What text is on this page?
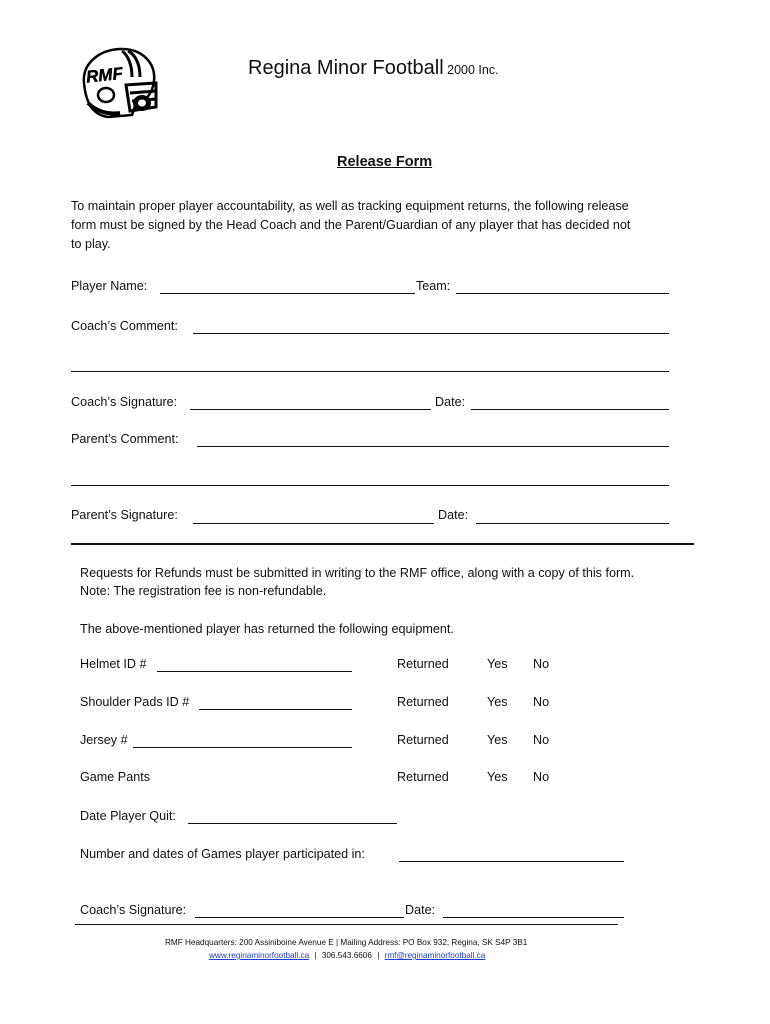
RMF	Regina Minor Football 2000 Inc.
Release Form
To maintain proper player accountability, as well as tracking equipment returns, the following release
form must be signed by the Head Coach and the Parent/Guardian of any player that has decided not
to play.
Player Name:	Team:
Coach’s Comment:
Coach’s Signature:	Date:
Parent’s Comment:
Parent’s Signature:	Date:
Requests for Refunds must be submitted in writing to the RMF office, along with a copy of this form.
Note: The registration fee is non-refundable.
The above-mentioned player has returned the following equipment.
Helmet ID #	Returned	Yes No
Shoulder Pads ID #	Returned	Yes No
Jersey #	Returned	Yes No
Game Pants	Returned	Yes No
Date Player Quit:
Number and dates of Games player participated in:
Coach’s Signature:	Date:
RMF Headquarters: 200 Assiniboine Avenue E | Mailing Address: PO Box 932, Regina, SK S4P 3B1
www.reginaminorfootball.ca | 306.543.6606 | rmf@reginaminorfootball.ca
